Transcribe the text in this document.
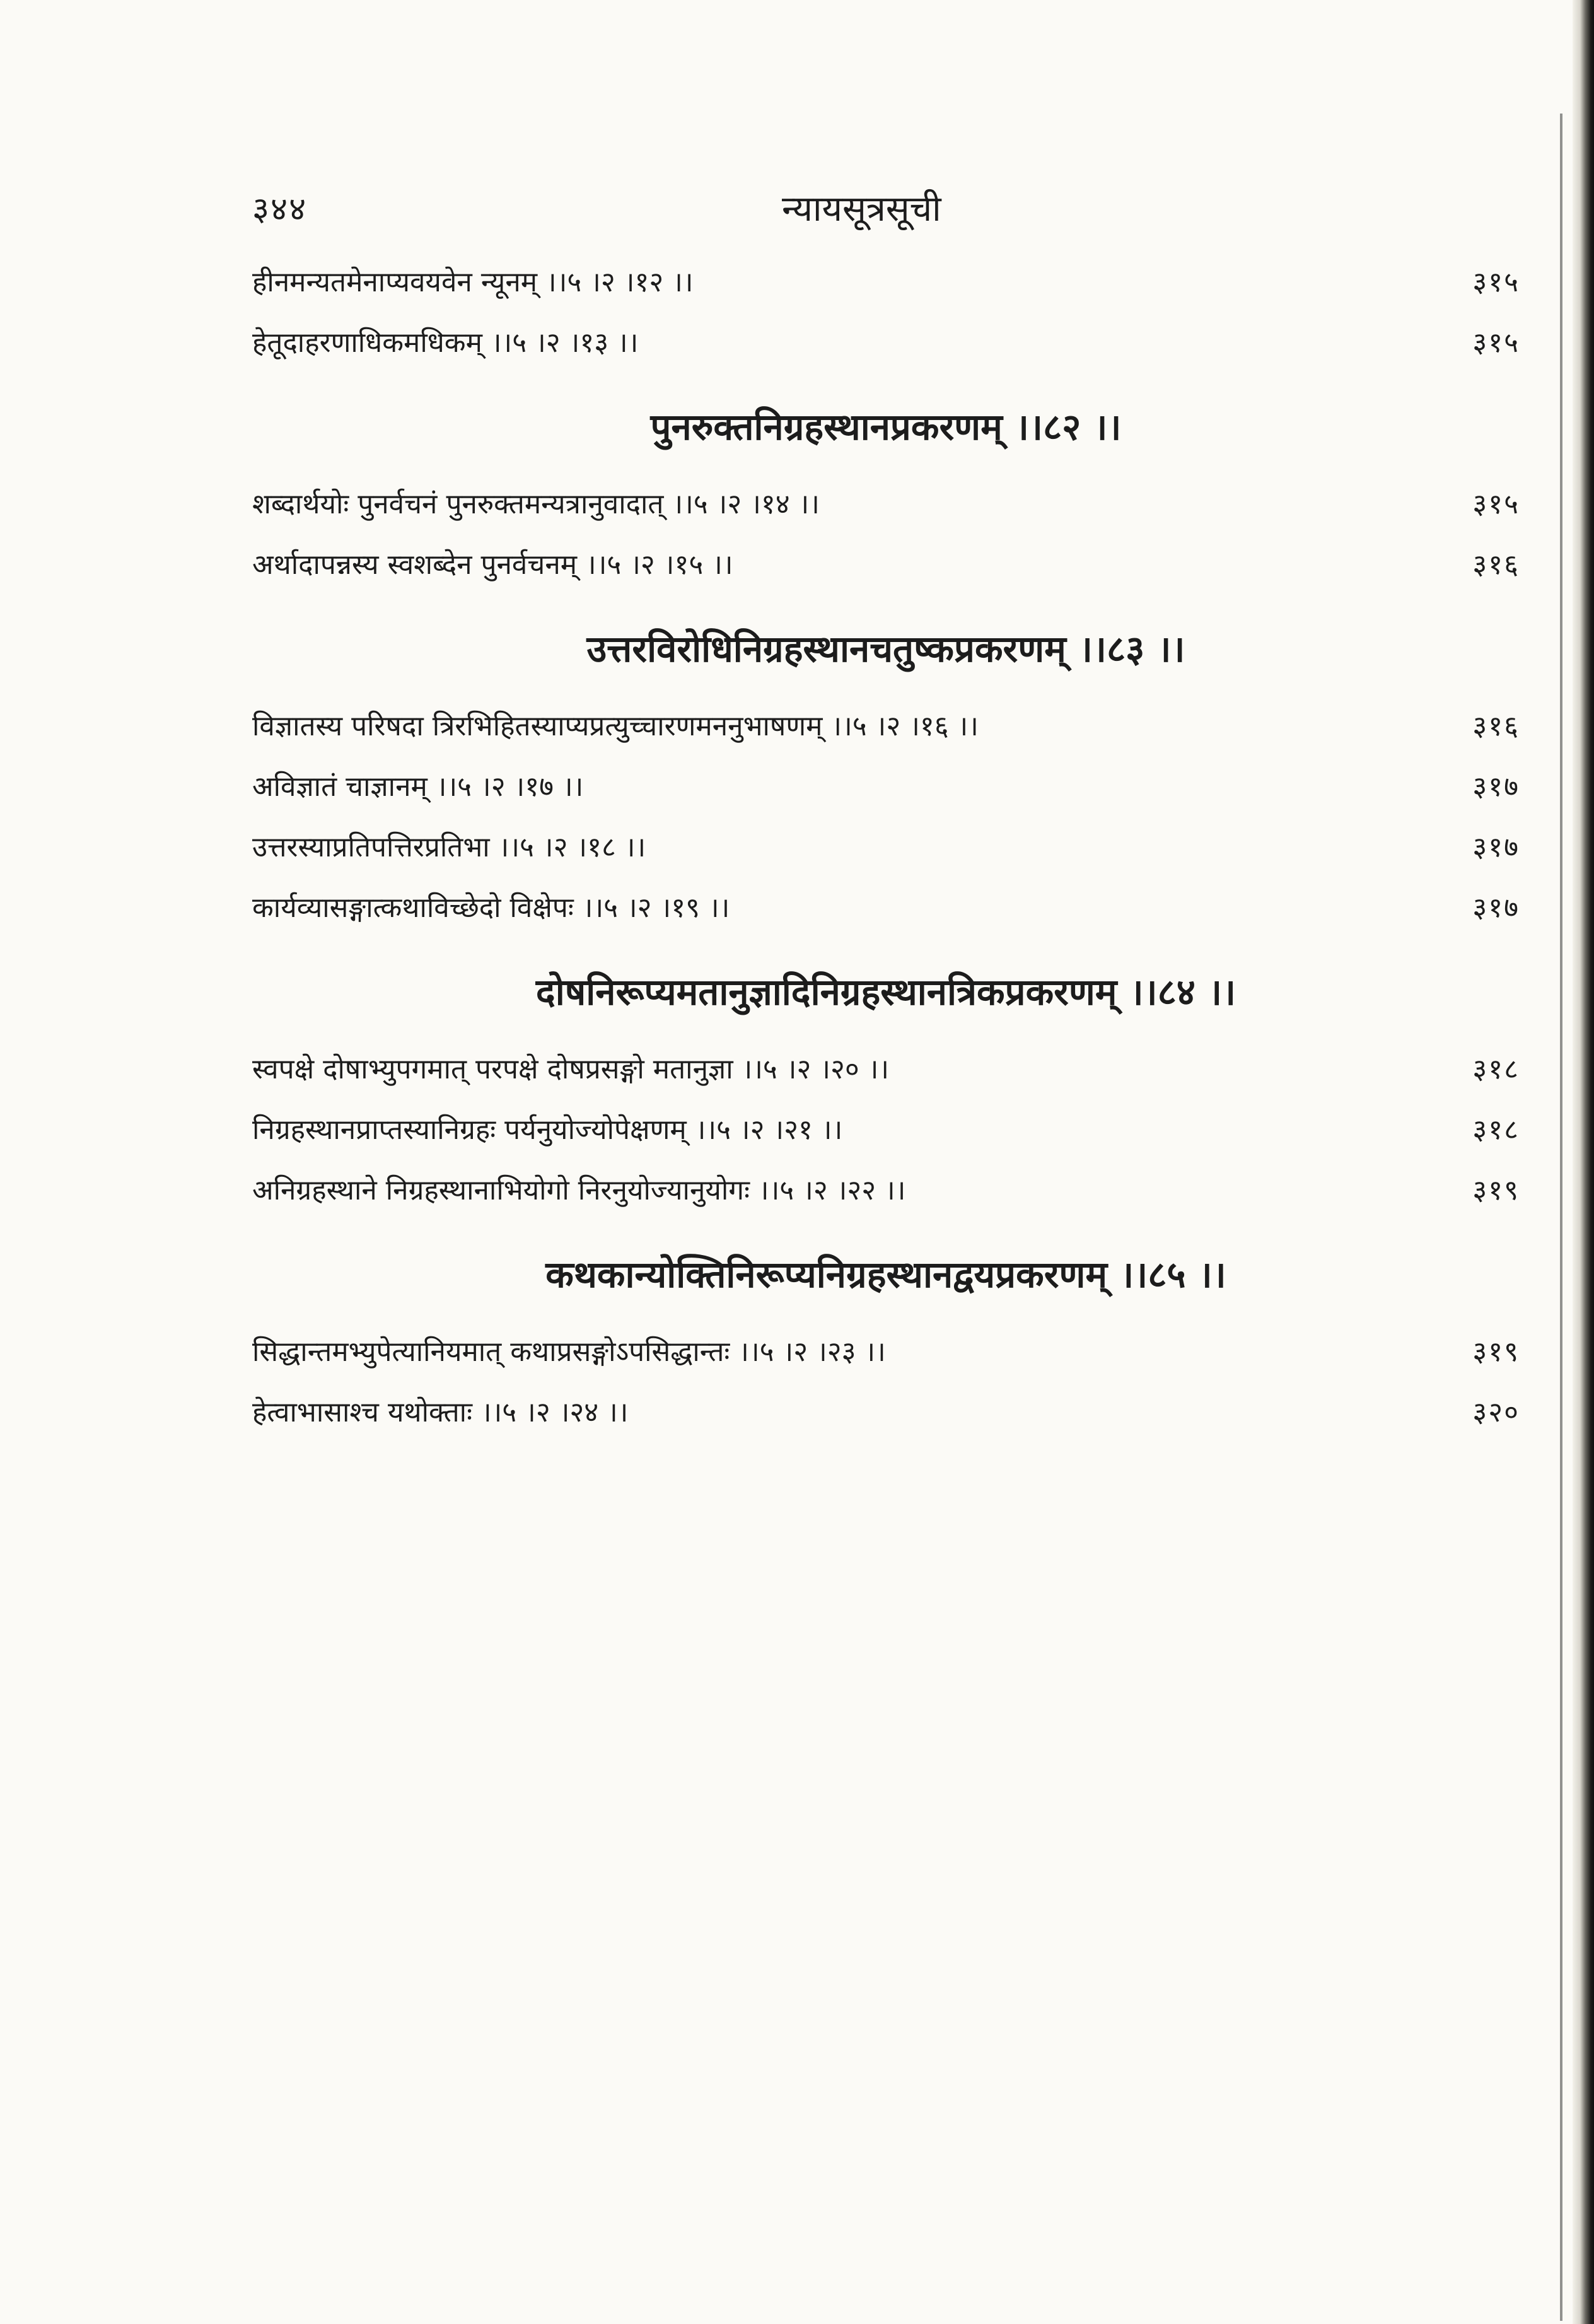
३४४	न्यायसूत्रसूची
हीनमन्यतमेनाप्यवयवेन न्यूनम् ।।५ ।२ ।१२ ।।	३१५
हेतूदाहरणाधिकमधिकम् ।।५ ।२ ।१३ ।।	३१५
पुनरुक्तनिग्रहस्थानप्रकरणम् ।।८२ ।।
शब्दार्थयोः पुनर्वचनं पुनरुक्तमन्यत्रानुवादात् ।।५ ।२ ।१४ ।।	३१५
अर्थादापन्नस्य स्वशब्देन पुनर्वचनम् ।।५ ।२ ।१५ ।।	३१६
उत्तरविरोधिनिग्रहस्थानचतुष्कप्रकरणम् ।।८३ ।।
विज्ञातस्य परिषदा त्रिरभिहितस्याप्यप्रत्युच्चारणमननुभाषणम् ।।५ ।२ ।१६ ।।	३१६
अविज्ञातं चाज्ञानम् ।।५ ।२ ।१७ ।।	३१७
उत्तरस्याप्रतिपत्तिरप्रतिभा ।।५ ।२ ।१८ ।।	३१७
कार्यव्यासङ्गात्कथाविच्छेदो विक्षेपः ।।५ ।२ ।१९ ।।	३१७
दोषनिरूप्यमतानुज्ञादिनिग्रहस्थानत्रिकप्रकरणम् ।।८४ ।।
स्वपक्षे दोषाभ्युपगमात् परपक्षे दोषप्रसङ्गो मतानुज्ञा ।।५ ।२ ।२० ।।	३१८
निग्रहस्थानप्राप्तस्यानिग्रहः पर्यनुयोज्योपेक्षणम् ।।५ ।२ ।२१ ।।	३१८
अनिग्रहस्थाने निग्रहस्थानाभियोगो निरनुयोज्यानुयोगः ।।५ ।२ ।२२ ।।	३१९
कथकान्योक्तिनिरूप्यनिग्रहस्थानद्वयप्रकरणम् ।।८५ ।।
सिद्धान्तमभ्युपेत्यानियमात् कथाप्रसङ्गोऽपसिद्धान्तः ।।५ ।२ ।२३ ।।	३१९
हेत्वाभासाश्च यथोक्ताः ।।५ ।२ ।२४ ।।	३२०
